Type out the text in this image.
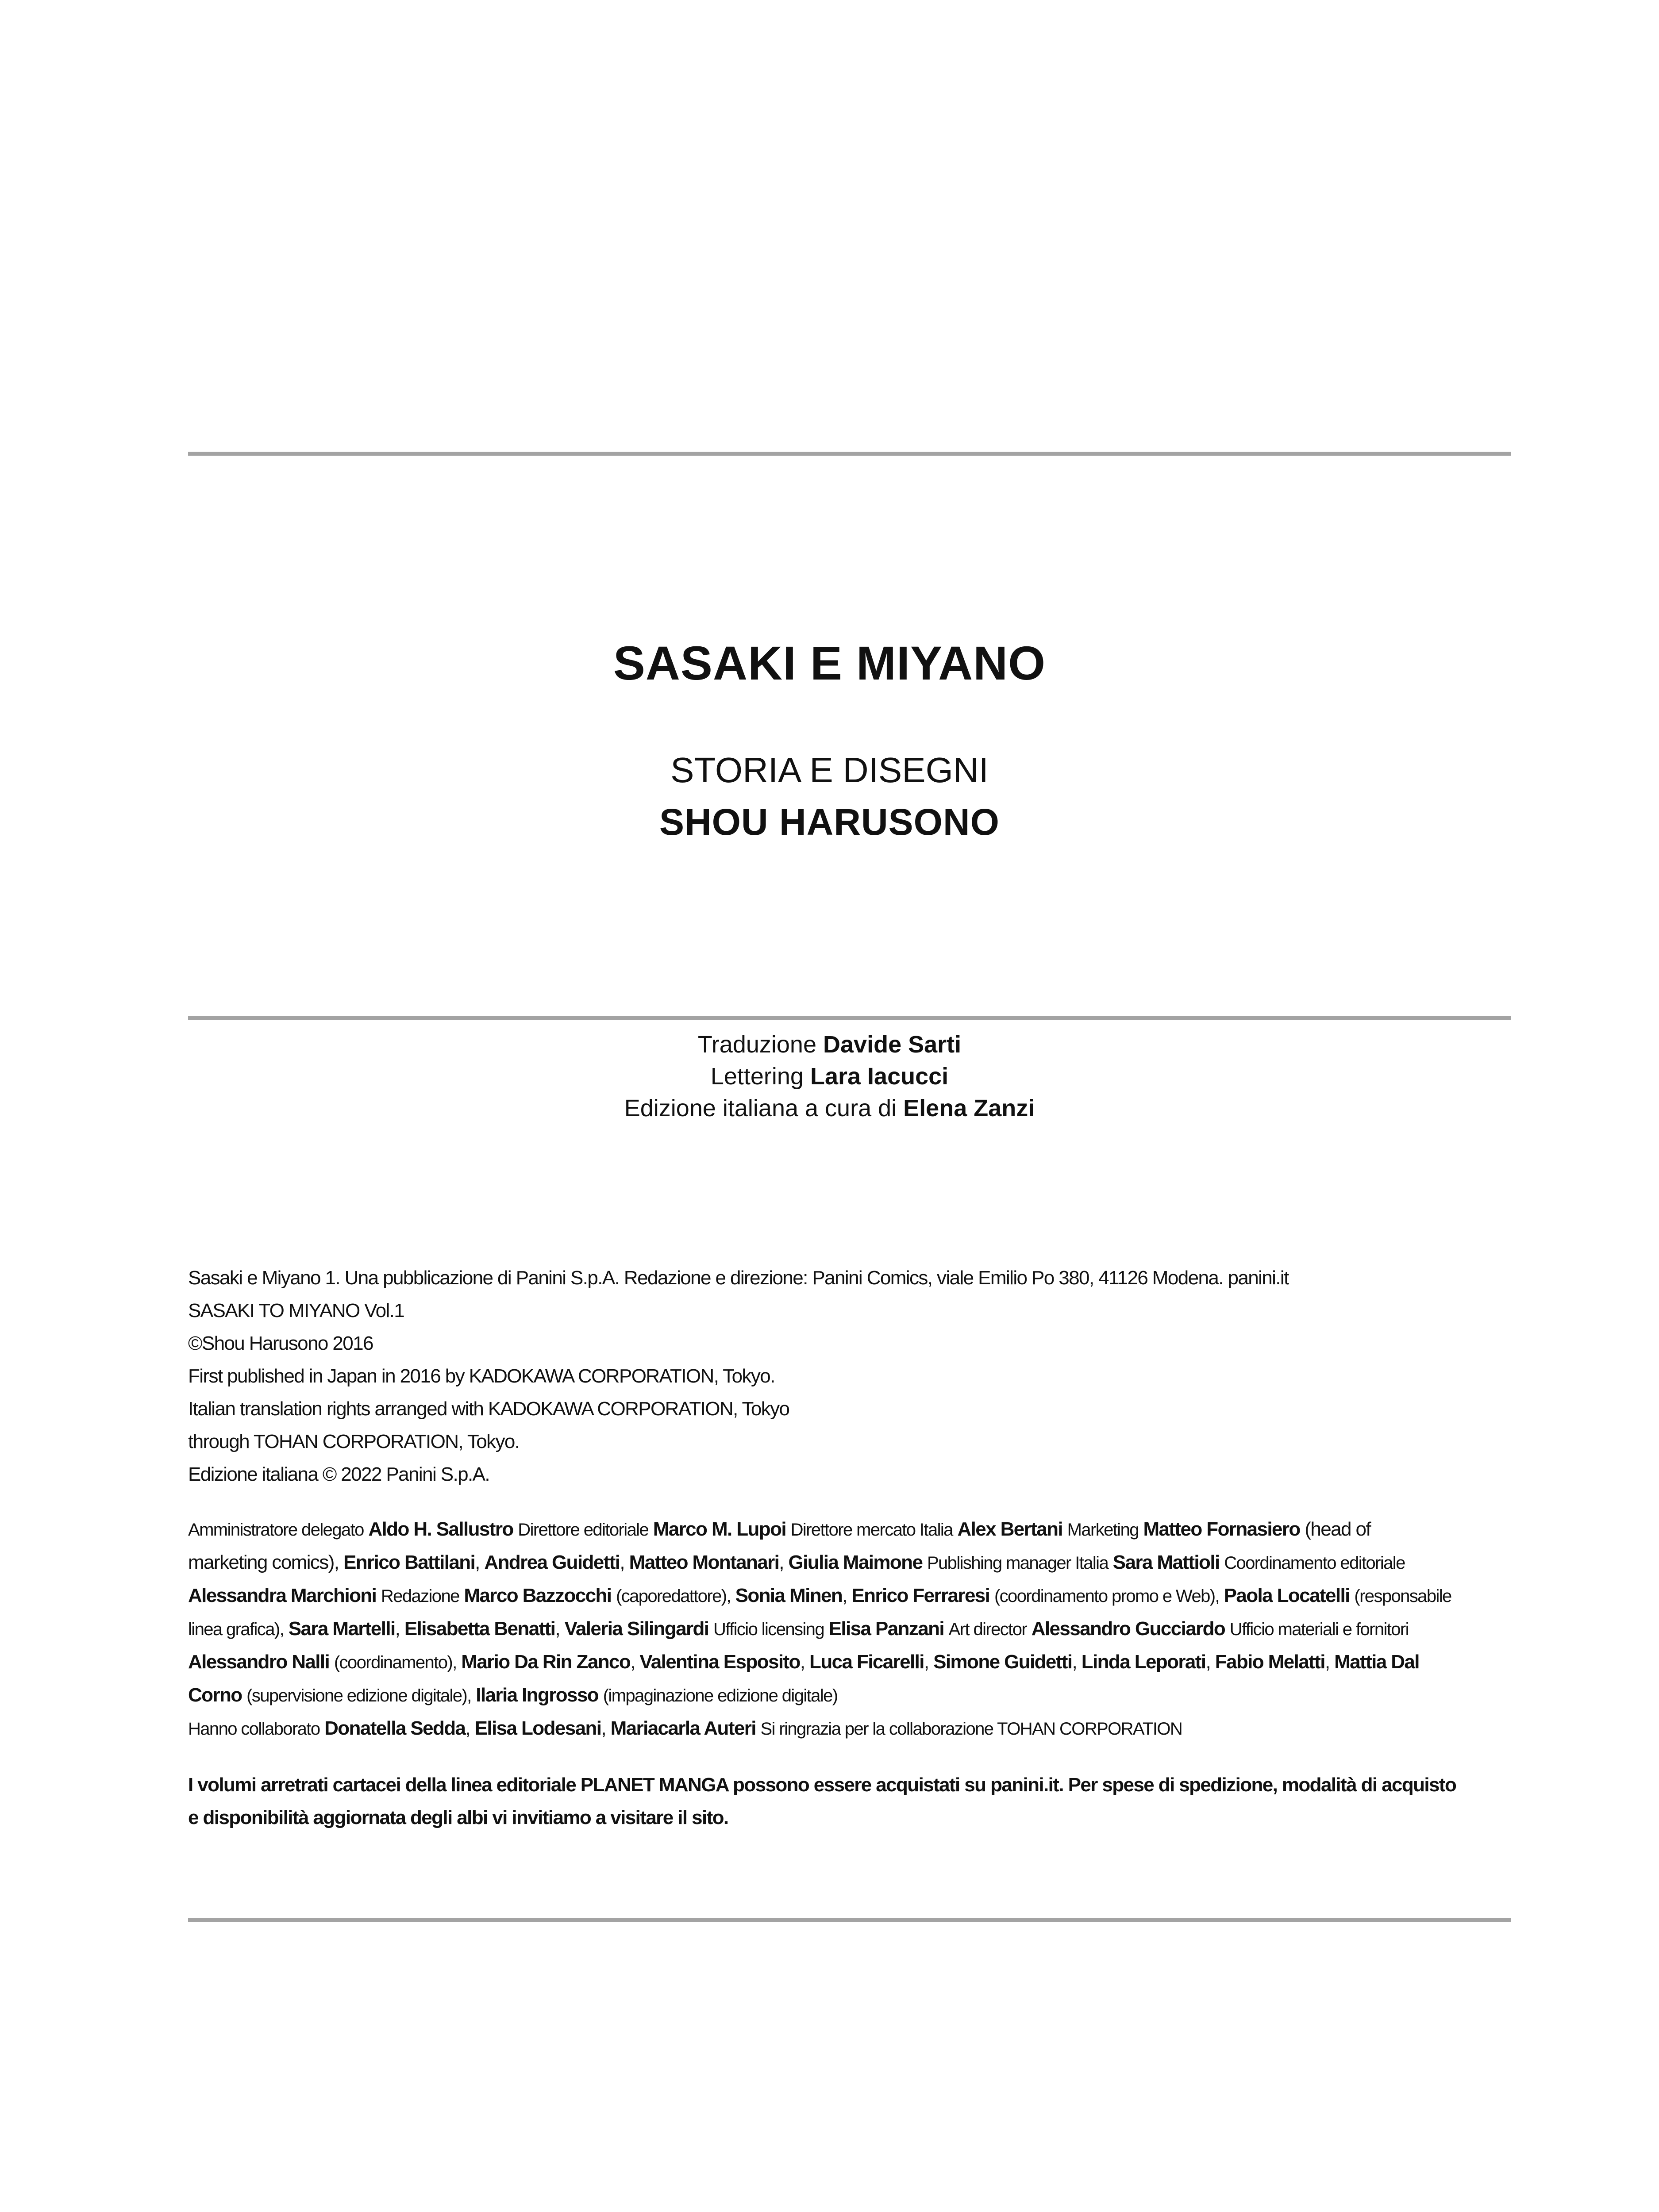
SASAKI E MIYANO
STORIA E DISEGNI
SHOU HARUSONO
Traduzione Davide Sarti
Lettering Lara Iacucci
Edizione italiana a cura di Elena Zanzi
Sasaki e Miyano 1. Una pubblicazione di Panini S.p.A. Redazione e direzione: Panini Comics, viale Emilio Po 380, 41126 Modena. panini.it
SASAKI TO MIYANO Vol.1
©Shou Harusono 2016
First published in Japan in 2016 by KADOKAWA CORPORATION, Tokyo.
Italian translation rights arranged with KADOKAWA CORPORATION, Tokyo
through TOHAN CORPORATION, Tokyo.
Edizione italiana © 2022 Panini S.p.A.
Amministratore delegato Aldo H. Sallustro Direttore editoriale Marco M. Lupoi Direttore mercato Italia Alex Bertani Marketing Matteo Fornasiero (head of
marketing comics), Enrico Battilani, Andrea Guidetti, Matteo Montanari, Giulia Maimone Publishing manager Italia Sara Mattioli Coordinamento editoriale
Alessandra Marchioni Redazione Marco Bazzocchi (caporedattore), Sonia Minen, Enrico Ferraresi (coordinamento promo e Web), Paola Locatelli (responsabile
linea grafica), Sara Martelli, Elisabetta Benatti, Valeria Silingardi Ufficio licensing Elisa Panzani Art director Alessandro Gucciardo Ufficio materiali e fornitori
Alessandro Nalli (coordinamento), Mario Da Rin Zanco, Valentina Esposito, Luca Ficarelli, Simone Guidetti, Linda Leporati, Fabio Melatti, Mattia Dal
Corno (supervisione edizione digitale), Ilaria Ingrosso (impaginazione edizione digitale)
Hanno collaborato Donatella Sedda, Elisa Lodesani, Mariacarla Auteri Si ringrazia per la collaborazione TOHAN CORPORATION
I volumi arretrati cartacei della linea editoriale PLANET MANGA possono essere acquistati su panini.it. Per spese di spedizione, modalità di acquisto
e disponibilità aggiornata degli albi vi invitiamo a visitare il sito.
